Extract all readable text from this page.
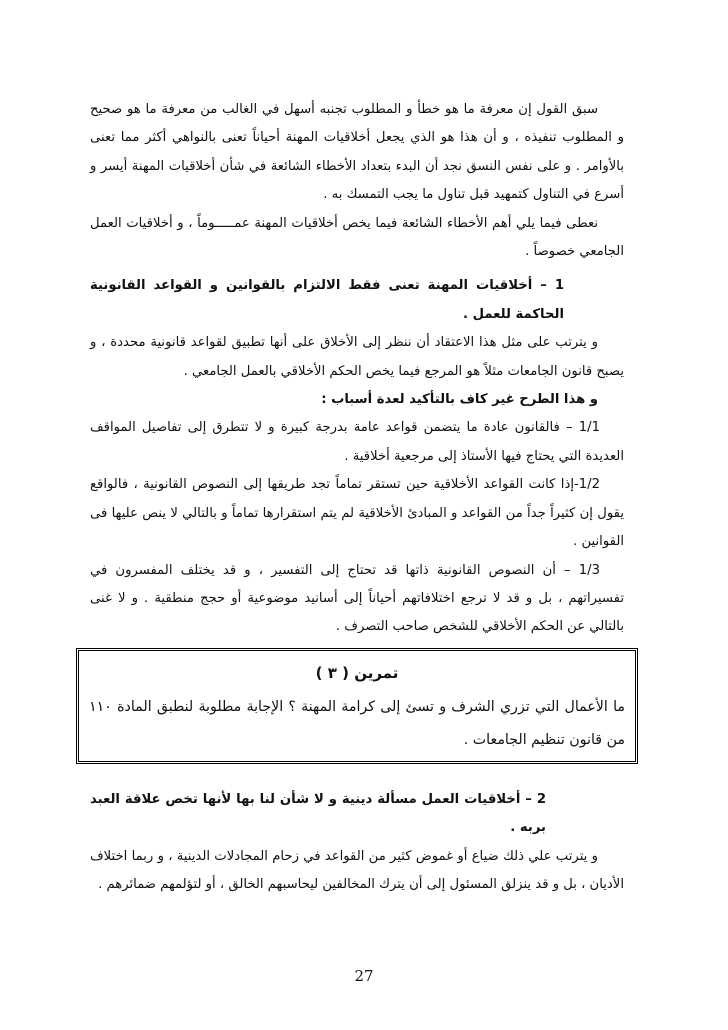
سبق القول إن معرفة ما هو خطأ و المطلوب تجنبه أسهل في الغالب من معرفة ما هو صحيح و المطلوب تنفيذه ، و أن هذا هو الذي يجعل أخلاقيات المهنة أحياناً تعنى بالنواهي أكثر مما تعنى بالأوامر . و على نفس النسق نجد أن البدء بتعداد الأخطاء الشائعة في شأن أخلاقيات المهنة أيسر و أسرع في التناول كتمهيد قبل تناول ما يجب التمسك به .

نعطى فيما يلي أهم الأخطاء الشائعة فيما يخص أخلاقيات المهنة عمـــــوماً ، و أخلاقيات العمل الجامعي خصوصاً .

1 – أخلاقيات المهنة تعنى فقط الالتزام بالقوانين و القواعد القانونية الحاكمة للعمل .

و يترتب على مثل هذا الاعتقاد أن ننظر إلى الأخلاق على أنها تطبيق لقواعد قانونية محددة ، و يصبح قانون الجامعات مثلاً هو المرجع فيما يخص الحكم الأخلاقي بالعمل الجامعي .

و هذا الطرح غير كاف بالتأكيد لعدة أسباب :

1/1 – فالقانون عادة ما يتضمن قواعد عامة بدرجة كبيرة و لا تتطرق إلى تفاصيل المواقف العديدة التي يحتاج فيها الأستاذ إلى مرجعية أخلاقية .

1/2-إذا كانت القواعد الأخلاقية حين تستقر تماماً تجد طريقها إلى النصوص القانونية ، فالواقع يقول إن كثيراً جداً من القواعد و المبادئ الأخلاقية لم يتم استقرارها تماماً و بالتالي لا ينص عليها فى القوانين .

1/3 – أن النصوص القانونية ذاتها قد تحتاج إلى التفسير ، و قد يختلف المفسرون في تفسيراتهم ، بل و قد لا ترجع اختلافاتهم أحياناً إلى أسانيد موضوعية أو حجج منطقية . و لا غنى بالتالي عن الحكم الأخلاقي للشخص صاحب التصرف .

تمرين ( ٣ )
ما الأعمال التي تزري الشرف و تسئ إلى كرامة المهنة ؟ الإجابة مطلوبة لنطبق المادة ١١٠ من قانون تنظيم الجامعات .

2 – أخلاقيات العمل مسألة دينية و لا شأن لنا بها لأنها تخص علاقة العبد بربه .

و يترتب علي ذلك ضياع أو غموض كثير من القواعد في زحام المجادلات الدينية ، و ربما اختلاف الأديان ، بل و قد ينزلق المسئول إلى أن يترك المخالفين ليحاسبهم الخالق ، أو لتؤلمهم ضمائرهم .

27
